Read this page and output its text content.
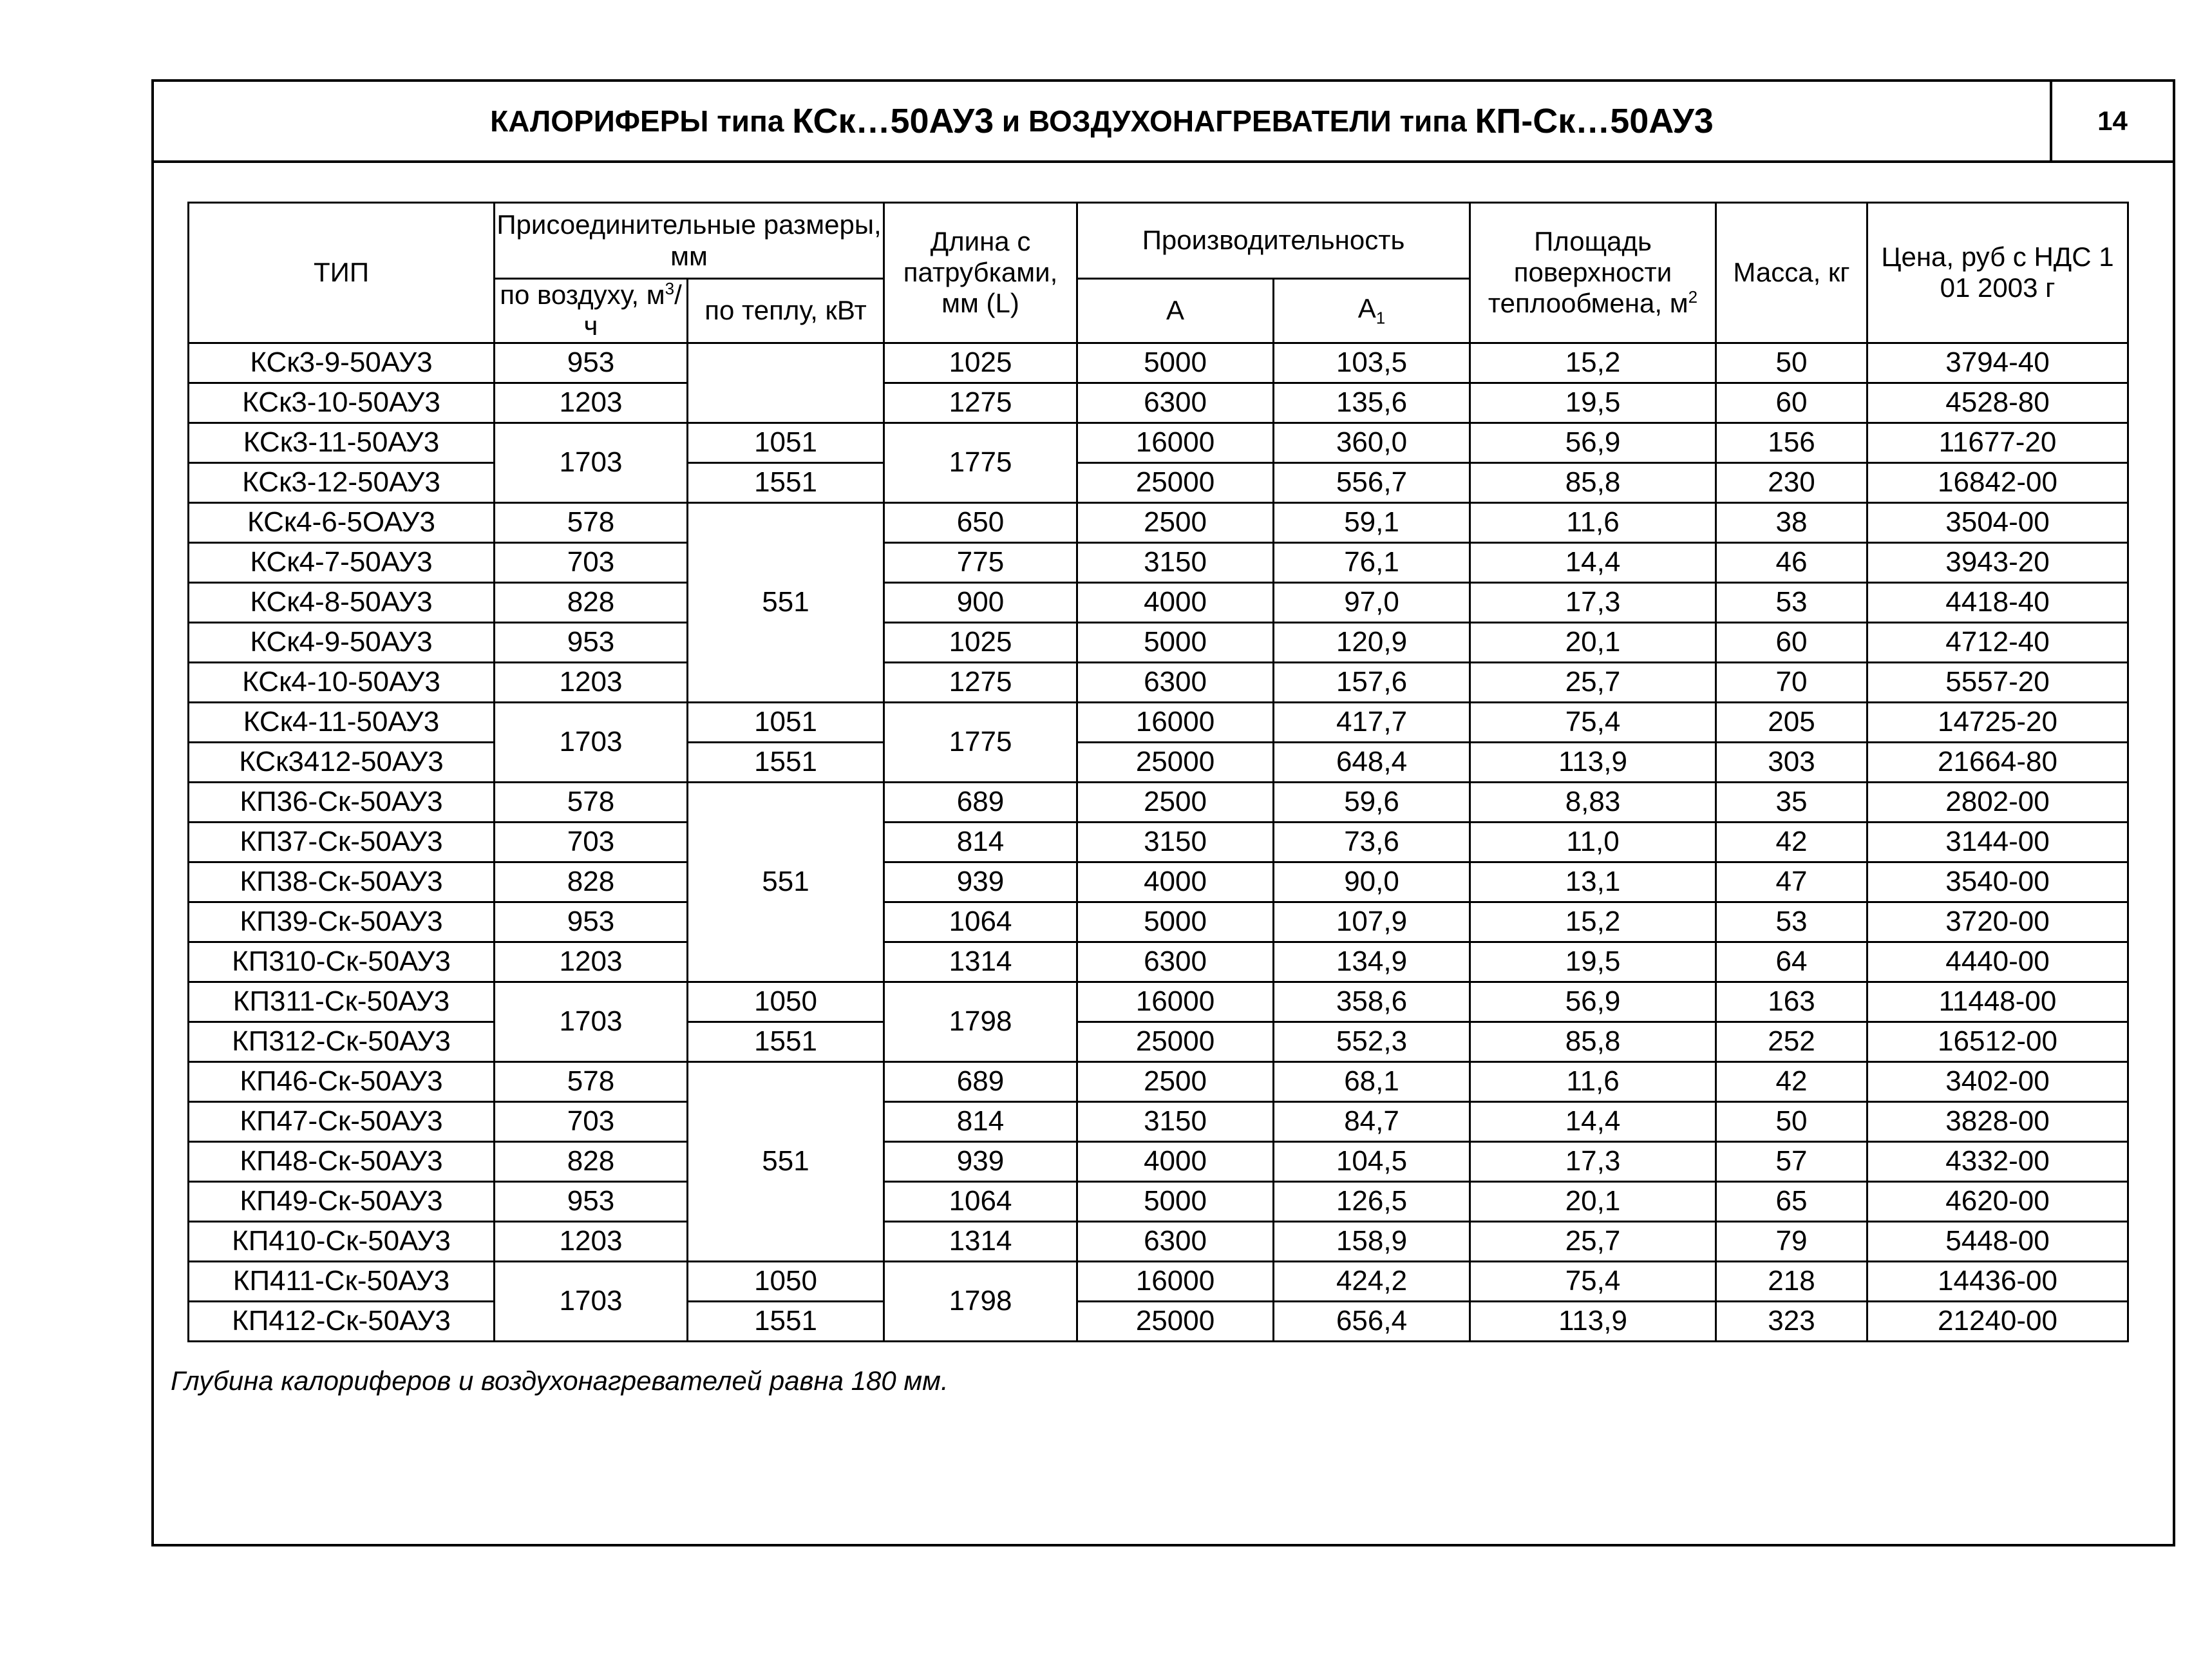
КАЛОРИФЕРЫ типа КСк…50АУ3 и ВОЗДУХОНАГРЕВАТЕЛИ типа КП-Ск…50АУ3	14
ТИП	Присоединительные размеры, мм		Длина с патрубками, мм (L)	Производительность		Площадь поверхности теплообмена, $м^2$	Масса, кг	Цена, руб с НДС 1 01 2003 г
	по воздуху, $м^3/ч$	по теплу, кВт						
				А	$А_1$
КСк3-9-50АУ3	953		1025	5000	103,5	15,2	50	3794-40
КСк3-10-50АУ3	1203		1275	6300	135,6	19,5	60	4528-80
КСк3-11-50АУ3	1703	1051	1775	16000	360,0	56,9	156	11677-20
КСк3-12-50АУ3		1551		25000	556,7	85,8	230	16842-00
КСк4-6-5ОАУ3	578	551	650	2500	59,1	11,6	38	3504-00
КСк4-7-50АУ3	703		775	3150	76,1	14,4	46	3943-20
КСк4-8-50АУ3	828		900	4000	97,0	17,3	53	4418-40
КСк4-9-50АУ3	953		1025	5000	120,9	20,1	60	4712-40
КСк4-10-50АУ3	1203		1275	6300	157,6	25,7	70	5557-20
КСк4-11-50АУ3	1703	1051	1775	16000	417,7	75,4	205	14725-20
КСк3412-50АУ3		1551		25000	648,4	113,9	303	21664-80
КП36-Ск-50АУ3	578	551	689	2500	59,6	8,83	35	2802-00
КП37-Ск-50АУ3	703		814	3150	73,6	11,0	42	3144-00
КП38-Ск-50АУ3	828		939	4000	90,0	13,1	47	3540-00
КП39-Ск-50АУ3	953		1064	5000	107,9	15,2	53	3720-00
КП310-Ск-50АУ3	1203		1314	6300	134,9	19,5	64	4440-00
КП311-Ск-50АУ3	1703	1050	1798	16000	358,6	56,9	163	11448-00
КП312-Ск-50АУ3		1551		25000	552,3	85,8	252	16512-00
КП46-Ск-50АУ3	578	551	689	2500	68,1	11,6	42	3402-00
КП47-Ск-50АУ3	703		814	3150	84,7	14,4	50	3828-00
КП48-Ск-50АУ3	828		939	4000	104,5	17,3	57	4332-00
КП49-Ск-50АУ3	953		1064	5000	126,5	20,1	65	4620-00
КП410-Ск-50АУ3	1203		1314	6300	158,9	25,7	79	5448-00
КП411-Ск-50АУ3	1703	1050	1798	16000	424,2	75,4	218	14436-00
КП412-Ск-50АУ3		1551		25000	656,4	113,9	323	21240-00
Глубина калориферов и воздухонагревателей равна 180 мм.
